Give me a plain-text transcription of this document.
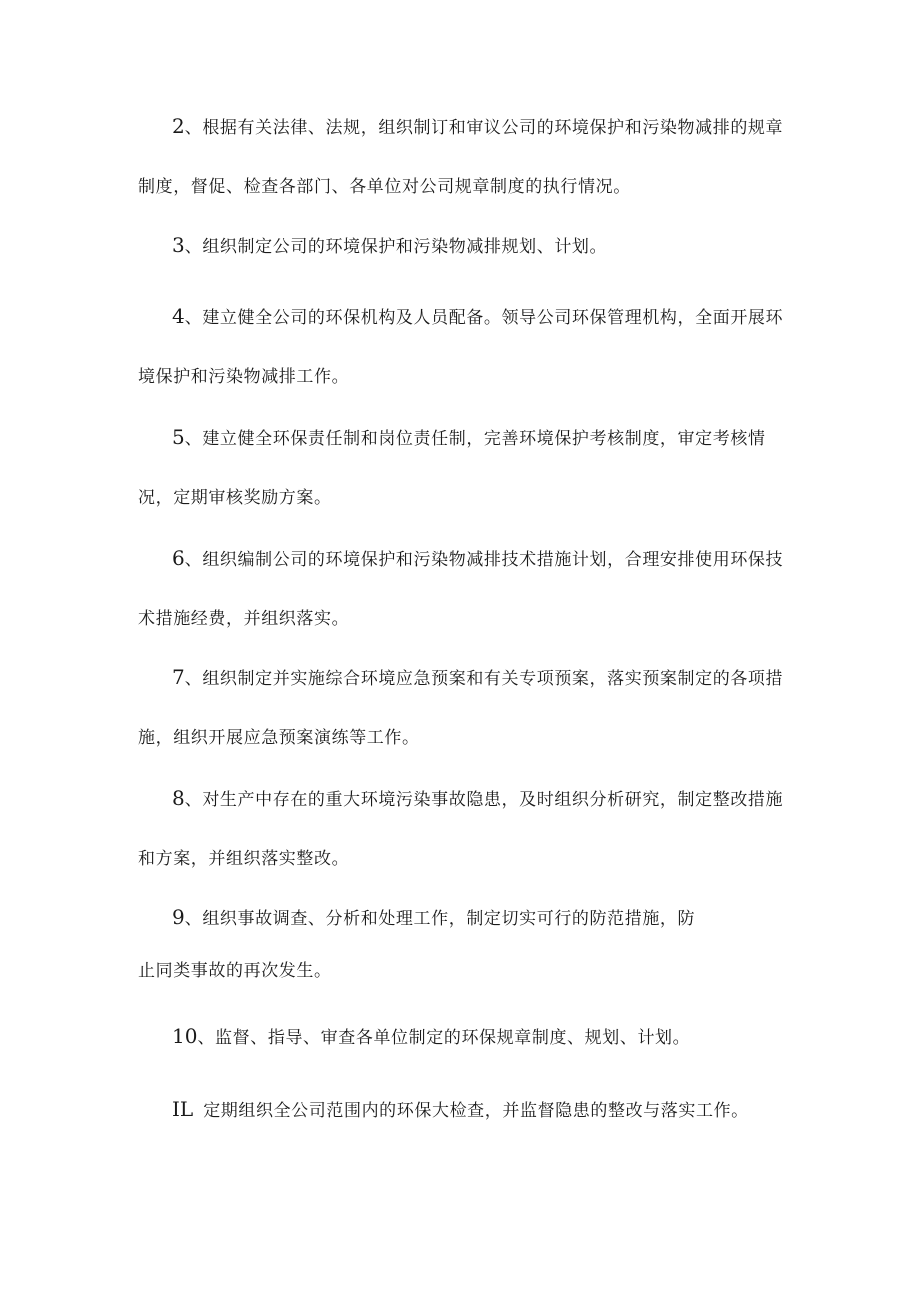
2、根据有关法律、法规，组织制订和审议公司的环境保护和污染物减排的规章制度，督促、检查各部门、各单位对公司规章制度的执行情况。

3、组织制定公司的环境保护和污染物减排规划、计划。

4、建立健全公司的环保机构及人员配备。领导公司环保管理机构，全面开展环境保护和污染物减排工作。

5、建立健全环保责任制和岗位责任制，完善环境保护考核制度，审定考核情况，定期审核奖励方案。

6、组织编制公司的环境保护和污染物减排技术措施计划，合理安排使用环保技术措施经费，并组织落实。

7、组织制定并实施综合环境应急预案和有关专项预案，落实预案制定的各项措施，组织开展应急预案演练等工作。

8、对生产中存在的重大环境污染事故隐患，及时组织分析研究，制定整改措施和方案，并组织落实整改。

9、组织事故调查、分析和处理工作，制定切实可行的防范措施，防

止同类事故的再次发生。

10、监督、指导、审查各单位制定的环保规章制度、规划、计划。

IL 定期组织全公司范围内的环保大检查，并监督隐患的整改与落实工作。
